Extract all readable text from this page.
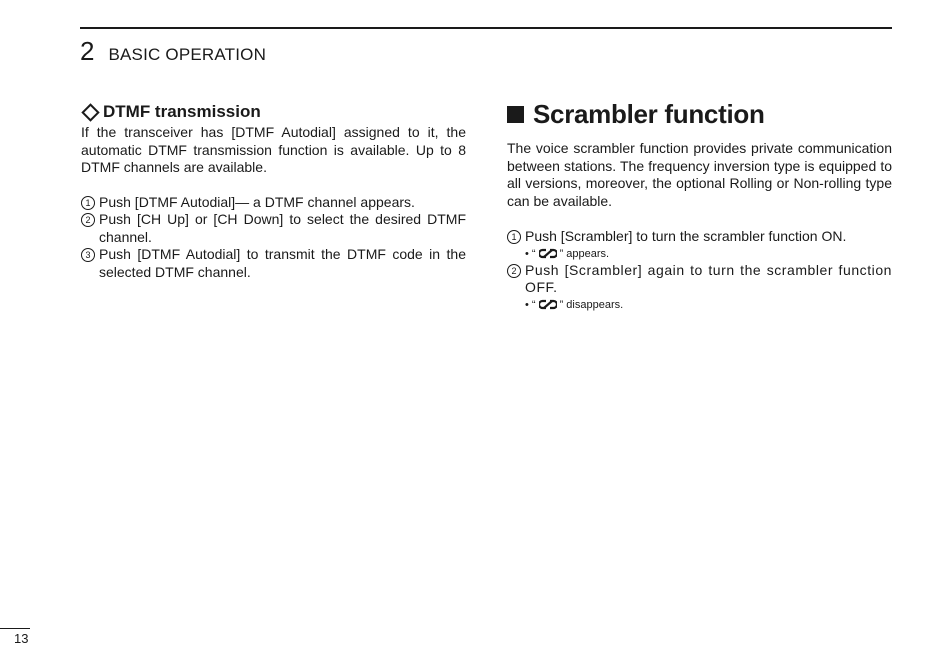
2 BASIC OPERATION
DTMF transmission

If the transceiver has [DTMF Autodial] assigned to it, the automatic DTMF transmission function is available. Up to 8 DTMF channels are available.

1 Push [DTMF Autodial]— a DTMF channel appears.
2 Push [CH Up] or [CH Down] to select the desired DTMF channel.
3 Push [DTMF Autodial] to transmit the DTMF code in the selected DTMF channel.
Scrambler function

The voice scrambler function provides private communication between stations. The frequency inversion type is equipped to all versions, moreover, the optional Rolling or Non-rolling type can be available.

1 Push [Scrambler] to turn the scrambler function ON.
• “ ” appears.
2 Push [Scrambler] again to turn the scrambler function OFF.
• “ ” disappears.
13
